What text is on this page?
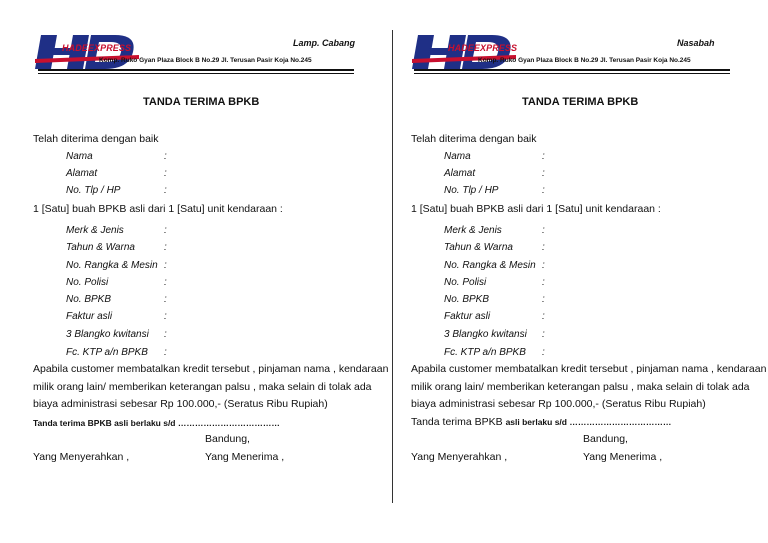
HADEEXPRESS	Lamp. Cabang
Komp. Ruko Gyan Plaza Block B No.29 Jl. Terusan Pasir Koja No.245
TANDA TERIMA BPKB
Telah diterima dengan baik
Nama	:
Alamat	:
No. Tlp / HP	:
1 [Satu] buah BPKB asli dari 1 [Satu] unit kendaraan :
Merk & Jenis	:
Tahun & Warna	:
No. Rangka & Mesin :
No. Polisi	:
No. BPKB	:
Faktur asli	:
3 Blangko kwitansi :
Fc. KTP a/n BPKB :
Apabila customer membatalkan kredit tersebut , pinjaman nama , kendaraan
milik orang lain/ memberikan keterangan palsu , maka selain di tolak ada
biaya administrasi sebesar Rp 100.000,- (Seratus Ribu Rupiah)
Tanda terima BPKB asli berlaku s/d ………………………………
Bandung,
Yang Menyerahkan ,	Yang Menerima ,
HADEEXPRESS	Nasabah
Komp. Ruko Gyan Plaza Block B No.29 Jl. Terusan Pasir Koja No.245
TANDA TERIMA BPKB
Telah diterima dengan baik
Nama	:
Alamat	:
No. Tlp / HP	:
1 [Satu] buah BPKB asli dari 1 [Satu] unit kendaraan :
Merk & Jenis	:
Tahun & Warna	:
No. Rangka & Mesin :
No. Polisi	:
No. BPKB	:
Faktur asli	:
3 Blangko kwitansi :
Fc. KTP a/n BPKB :
Apabila customer membatalkan kredit tersebut , pinjaman nama , kendaraan
milik orang lain/ memberikan keterangan palsu , maka selain di tolak ada
biaya administrasi sebesar Rp 100.000,- (Seratus Ribu Rupiah)
Tanda terima BPKB asli berlaku s/d ………………………………
Bandung,
Yang Menyerahkan ,	Yang Menerima ,
